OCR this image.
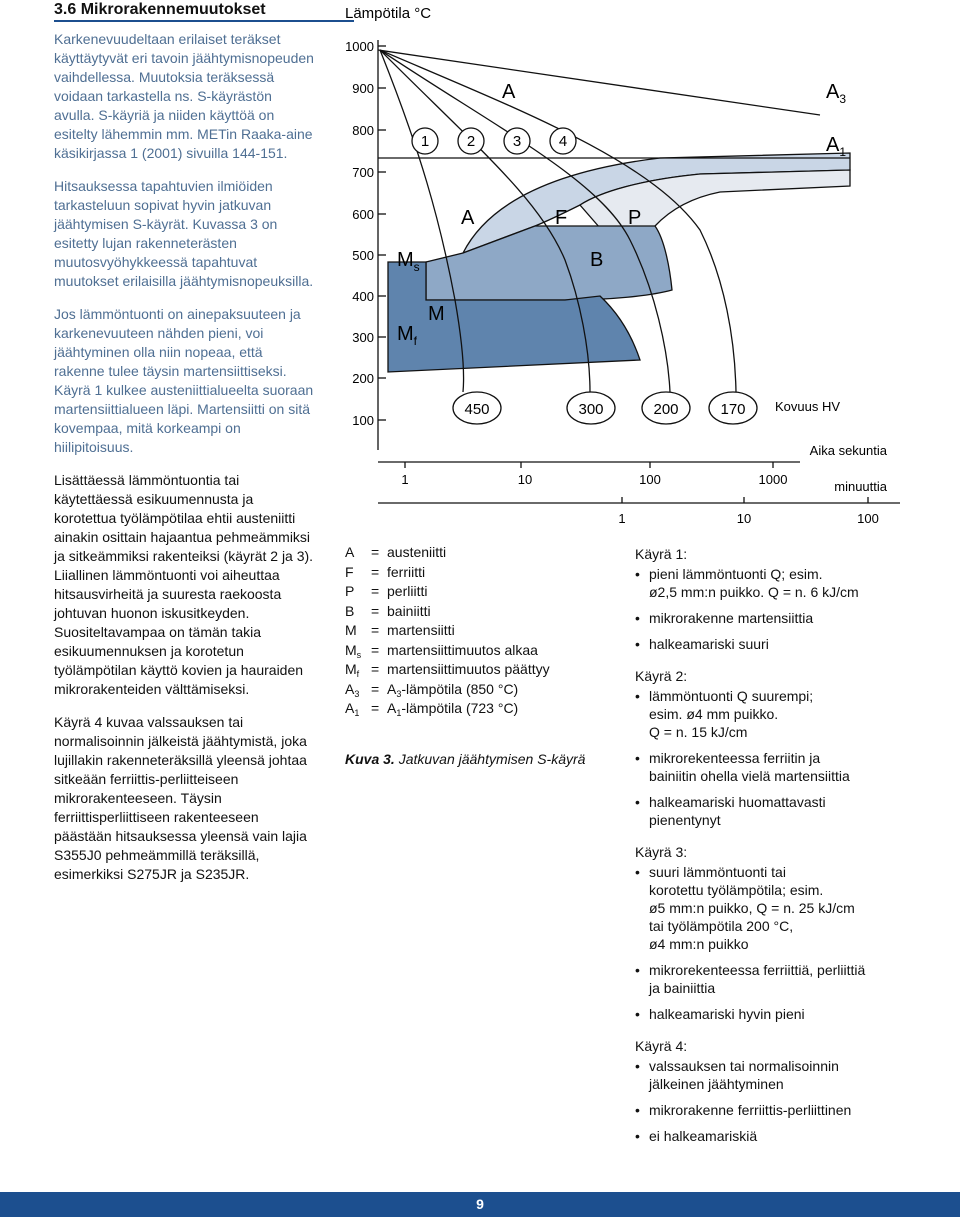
3.6 Mikrorakennemuutokset

Karkenevuudeltaan erilaiset teräkset käyttäytyvät eri tavoin jäähtymisnopeuden vaihdellessa. Muutoksia teräksessä voidaan tarkastella ns. S-käyrästön avulla. S-käyriä ja niiden käyttöä on esitelty lähemmin mm. METin Raaka-aine käsikirjassa 1 (2001) sivuilla 144-151.

Hitsauksessa tapahtuvien ilmiöiden tarkasteluun sopivat hyvin jatkuvan jäähtymisen S-käyrät. Kuvassa 3 on esitetty lujan rakenneterästen muutosvyöhykkeessä tapahtuvat muutokset erilaisilla jäähtymisnopeuksilla.

Jos lämmöntuonti on ainepaksuuteen ja karkenevuuteen nähden pieni, voi jäähtyminen olla niin nopeaa, että rakenne tulee täysin martensiittiseksi. Käyrä 1 kulkee austeniittialueelta suoraan martensiittialueen läpi. Martensiitti on sitä kovempaa, mitä korkeampi on hiilipitoisuus.

Lisättäessä lämmöntuontia tai käytettäessä esikuumennusta ja korotettua työlämpötilaa ehtii austeniitti ainakin osittain hajaantua pehmeämmiksi ja sitkeämmiksi rakenteiksi (käyrät 2 ja 3). Liiallinen lämmöntuonti voi aiheuttaa hitsausvirheitä ja suuresta raekoosta johtuvan huonon iskusitkeyden. Suositeltavampaa on tämän takia esikuumennuksen ja korotetun työlämpötilan käyttö kovien ja hauraiden mikrorakenteiden välttämiseksi.

Käyrä 4 kuvaa valssauksen tai normalisoinnin jälkeistä jäähtymistä, joka lujillakin rakenneteräksillä yleensä johtaa sitkeään ferriittis-perliitteiseen mikrorakenteeseen. Täysin ferriittisperliittiseen rakenteeseen päästään hitsauksessa yleensä vain lajia S355J0 pehmeämmillä teräksillä, esimerkiksi S275JR ja S235JR.

Lämpötila °C
1000
900
800
700
600
500
400
300
200
100
1	10	100	1000
Aika sekuntia
1	10	100
minuuttia
1	2	3	4
450	300	200	170 Kovuus HV
A	$A_3$
$A_1$
A	F	P
B
M
$M_s$
$M_f$
A	= austeniitti
F	= ferriitti
P	= perliitti
B	= bainiitti
M	= martensiitti
$M_s$ = martensiittimuutos alkaa
$M_f$ = martensiittimuutos päättyy
$A_3$ = $A_3$-lämpötila (850 °C)
$A_1$ = $A_1$-lämpötila (723 °C)
Kuva 3. Jatkuvan jäähtymisen S-käyrä
Käyrä 1:
• pieni lämmöntuonti Q; esim.
ø2,5 mm:n puikko. Q = n. 6 kJ/cm
• mikrorakenne martensiittia
• halkeamariski suuri
Käyrä 2:
• lämmöntuonti Q suurempi;
esim. ø4 mm puikko.
Q = n. 15 kJ/cm
• mikrorekenteessa ferriitin ja
bainiitin ohella vielä martensiittia
• halkeamariski huomattavasti
pienentynyt
Käyrä 3:
• suuri lämmöntuonti tai
korotettu työlämpötila; esim.
ø5 mm:n puikko, Q = n. 25 kJ/cm
tai työlämpötila 200 °C,
ø4 mm:n puikko
• mikrorekenteessa ferriittiä, perliittiä
ja bainiittia
• halkeamariski hyvin pieni
Käyrä 4:
• valssauksen tai normalisoinnin
jälkeinen jäähtyminen
• mikrorakenne ferriittis-perliittinen
• ei halkeamariskiä
9
